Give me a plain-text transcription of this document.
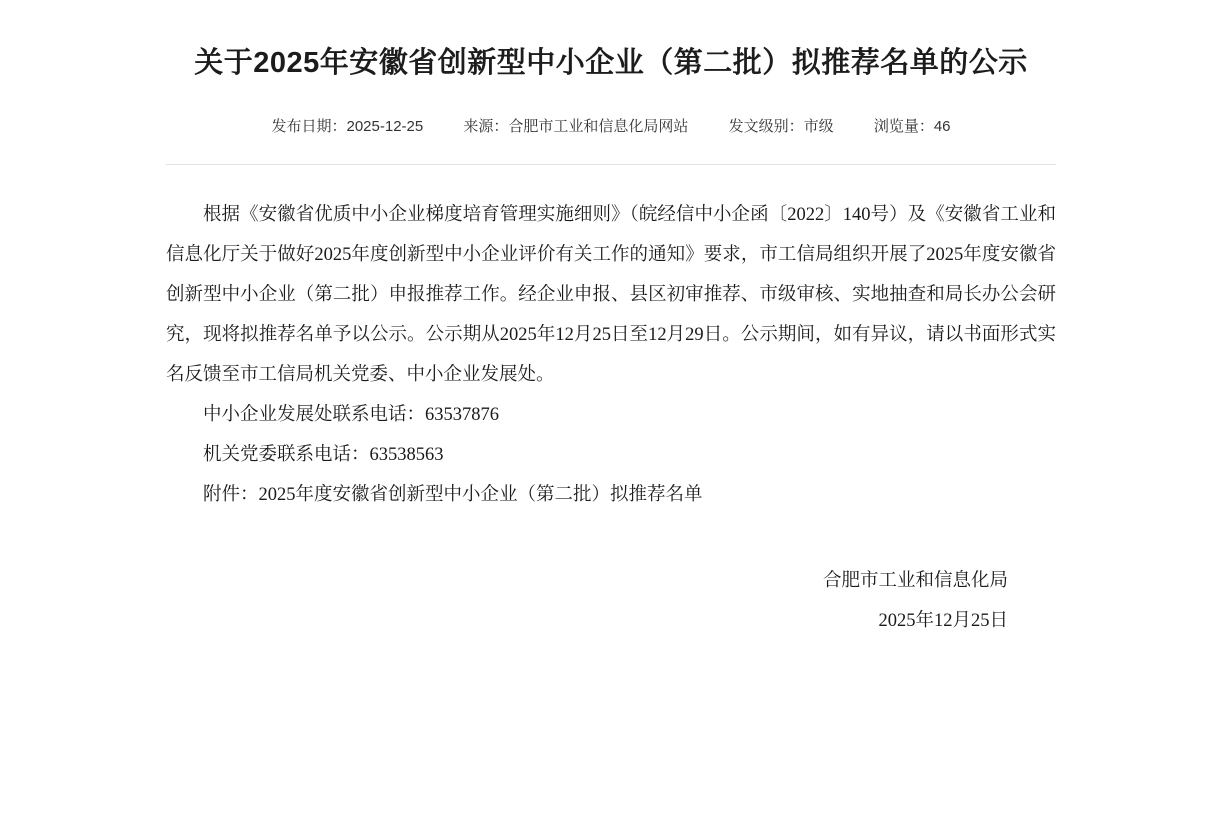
关于2025年安徽省创新型中小企业（第二批）拟推荐名单的公示
发布日期：2025-12-25	来源：合肥市工业和信息化局网站	发文级别：市级	浏览量：46

根据《安徽省优质中小企业梯度培育管理实施细则》（皖经信中小企函〔2022〕140号）及《安徽省工业和信息化厅关于做好2025年度创新型中小企业评价有关工作的通知》要求，市工信局组织开展了2025年度安徽省创新型中小企业（第二批）申报推荐工作。经企业申报、县区初审推荐、市级审核、实地抽查和局长办公会研究，现将拟推荐名单予以公示。公示期从2025年12月25日至12月29日。公示期间，如有异议，请以书面形式实名反馈至市工信局机关党委、中小企业发展处。

中小企业发展处联系电话：63537876

机关党委联系电话：63538563

附件：2025年度安徽省创新型中小企业（第二批）拟推荐名单

合肥市工业和信息化局
2025年12月25日
